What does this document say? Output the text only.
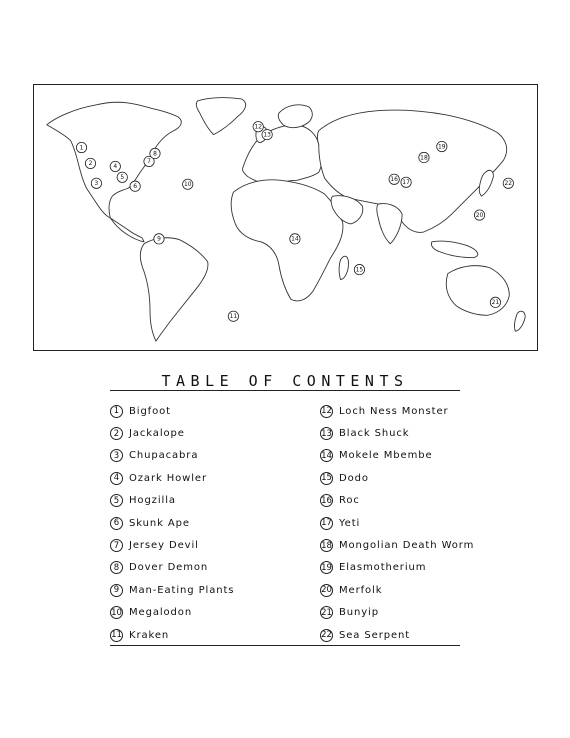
1
2
3
4
5
6
7
8
9
10
11
12
13
14
15
16 17
18
19
20
21
22
TABLE OF CONTENTS
1 Bigfoot
2 Jackalope
3 Chupacabra
4 Ozark Howler
5 Hogzilla
6 Skunk Ape
7 Jersey Devil
8 Dover Demon
9 Man-Eating Plants
10 Megalodon
11 Kraken
12 Loch Ness Monster
13 Black Shuck
14 Mokele Mbembe
15 Dodo
16 Roc
17 Yeti
18 Mongolian Death Worm
19 Elasmotherium
20 Merfolk
21 Bunyip
22 Sea Serpent
